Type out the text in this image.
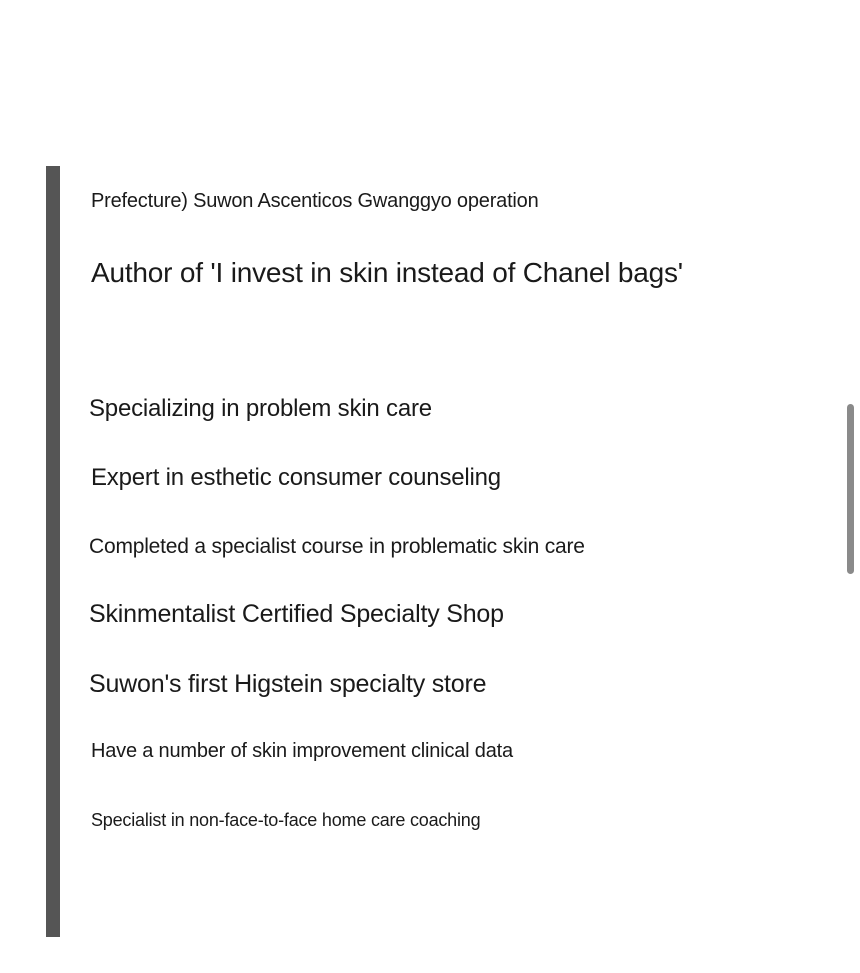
Prefecture) Suwon Ascenticos Gwanggyo operation
Author of 'I invest in skin instead of Chanel bags'
Specializing in problem skin care
Expert in esthetic consumer counseling
Completed a specialist course in problematic skin care
Skinmentalist Certified Specialty Shop
Suwon's first Higstein specialty store
Have a number of skin improvement clinical data
Specialist in non-face-to-face home care coaching
